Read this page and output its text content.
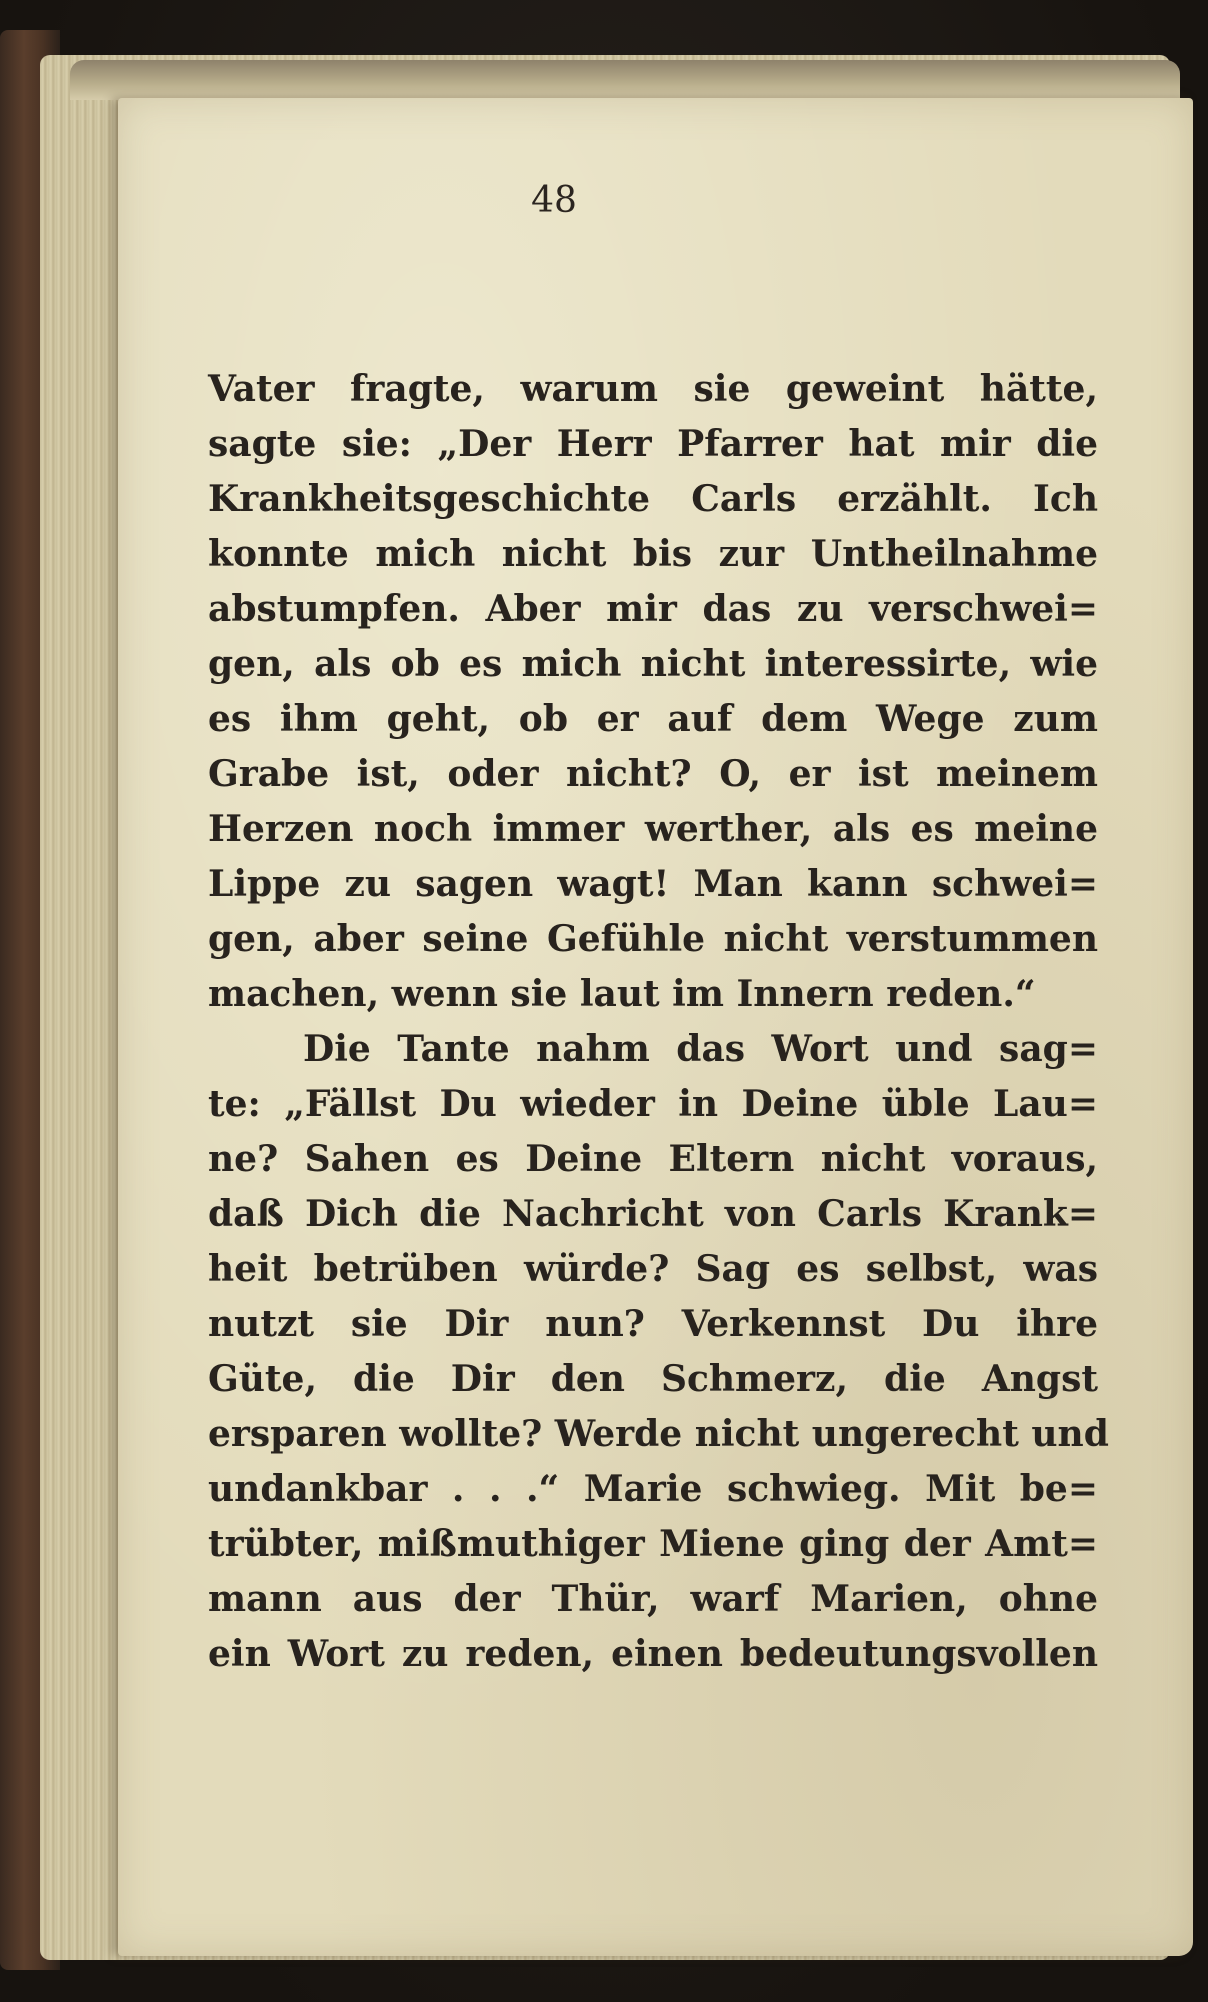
48
Vater fragte, warum sie geweint hätte,
sagte sie: „Der Herr Pfarrer hat mir die
Krankheitsgeschichte Carls erzählt. Ich
konnte mich nicht bis zur Untheilnahme
abstumpfen. Aber mir das zu verschwei=
gen, als ob es mich nicht interessirte, wie
es ihm geht, ob er auf dem Wege zum
Grabe ist, oder nicht? O, er ist meinem
Herzen noch immer werther, als es meine
Lippe zu sagen wagt! Man kann schwei=
gen, aber seine Gefühle nicht verstummen
machen, wenn sie laut im Innern reden.“
Die Tante nahm das Wort und sag=
te: „Fällst Du wieder in Deine üble Lau=
ne? Sahen es Deine Eltern nicht voraus,
daß Dich die Nachricht von Carls Krank=
heit betrüben würde? Sag es selbst, was
nutzt sie Dir nun? Verkennst Du ihre
Güte, die Dir den Schmerz, die Angst
ersparen wollte? Werde nicht ungerecht und
undankbar . . .“ Marie schwieg. Mit be=
trübter, mißmuthiger Miene ging der Amt=
mann aus der Thür, warf Marien, ohne
ein Wort zu reden, einen bedeutungsvollen
